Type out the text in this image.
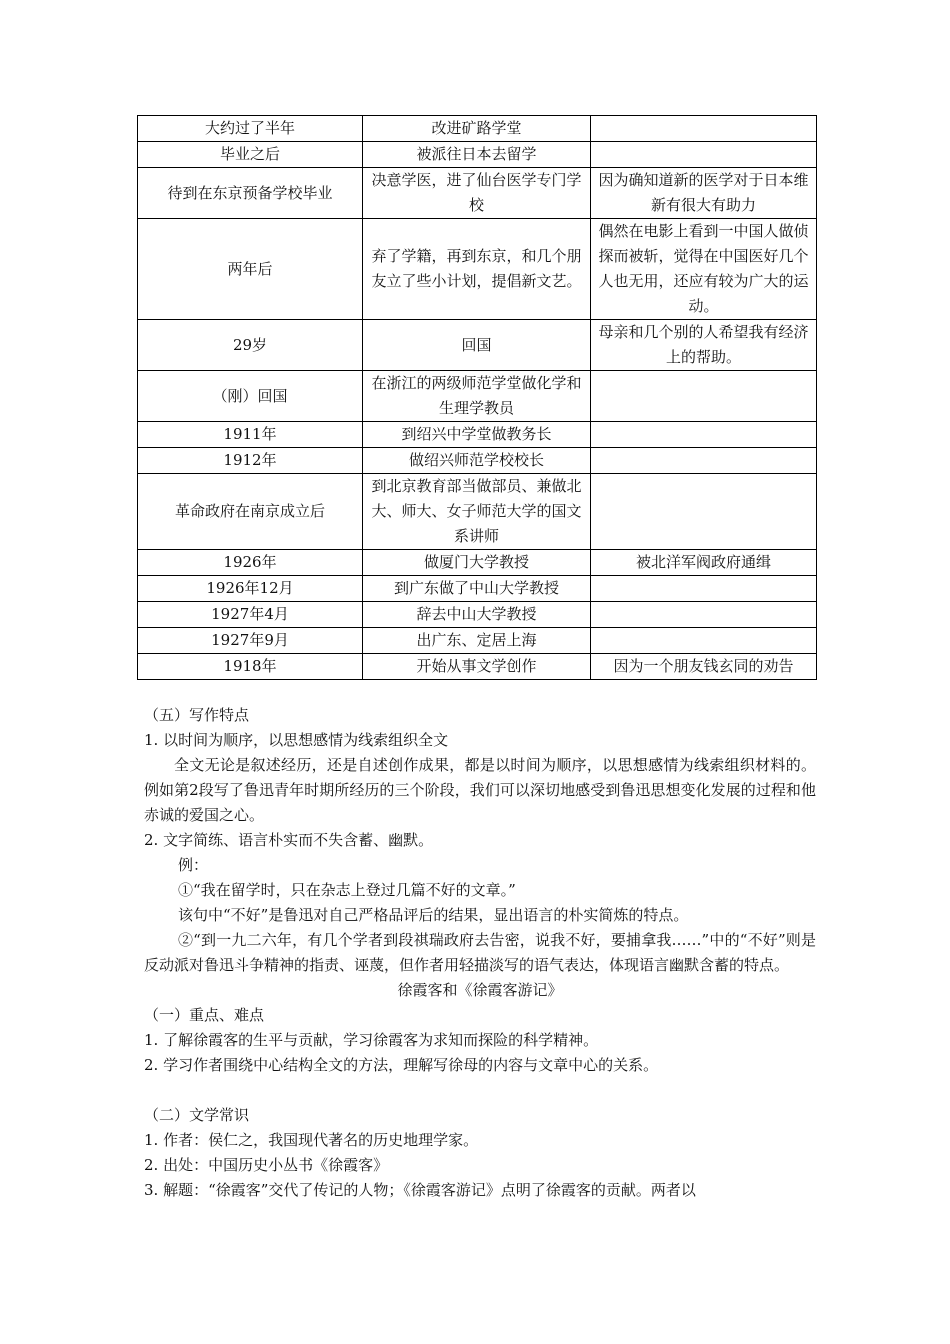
大约过了半年	改进矿路学堂	
毕业之后	被派往日本去留学	
待到在东京预备学校毕业	决意学医，进了仙台医学专门学校	因为确知道新的医学对于日本维新有很大有助力
两年后	弃了学籍，再到东京，和几个朋友立了些小计划，提倡新文艺。	偶然在电影上看到一中国人做侦探而被斩，觉得在中国医好几个人也无用，还应有较为广大的运动。
29岁	回国	母亲和几个别的人希望我有经济上的帮助。
（刚）回国	在浙江的两级师范学堂做化学和生理学教员	
1911年	到绍兴中学堂做教务长	
1912年	做绍兴师范学校校长	
革命政府在南京成立后	到北京教育部当做部员、兼做北大、师大、女子师范大学的国文系讲师	
1926年	做厦门大学教授	被北洋军阀政府通缉
1926年12月	到广东做了中山大学教授	
1927年4月	辞去中山大学教授	
1927年9月	出广东、定居上海	
1918年	开始从事文学创作	因为一个朋友钱玄同的劝告
（五）写作特点
1. 以时间为顺序，以思想感情为线索组织全文
全文无论是叙述经历，还是自述创作成果，都是以时间为顺序，以思想感情为线索组织材料的。例如第2段写了鲁迅青年时期所经历的三个阶段，我们可以深切地感受到鲁迅思想变化发展的过程和他赤诚的爱国之心。
2. 文字简练、语言朴实而不失含蓄、幽默。
例：
①“我在留学时，只在杂志上登过几篇不好的文章。”
该句中“不好”是鲁迅对自己严格品评后的结果，显出语言的朴实简炼的特点。
②“到一九二六年，有几个学者到段祺瑞政府去告密，说我不好，要捕拿我……”中的“不好”则是反动派对鲁迅斗争精神的指责、诬蔑，但作者用轻描淡写的语气表达，体现语言幽默含蓄的特点。
徐霞客和《徐霞客游记》
（一）重点、难点
1. 了解徐霞客的生平与贡献，学习徐霞客为求知而探险的科学精神。
2. 学习作者围绕中心结构全文的方法，理解写徐母的内容与文章中心的关系。
（二）文学常识
1. 作者：侯仁之，我国现代著名的历史地理学家。
2. 出处：中国历史小丛书《徐霞客》
3. 解题：“徐霞客”交代了传记的人物；《徐霞客游记》点明了徐霞客的贡献。两者以
